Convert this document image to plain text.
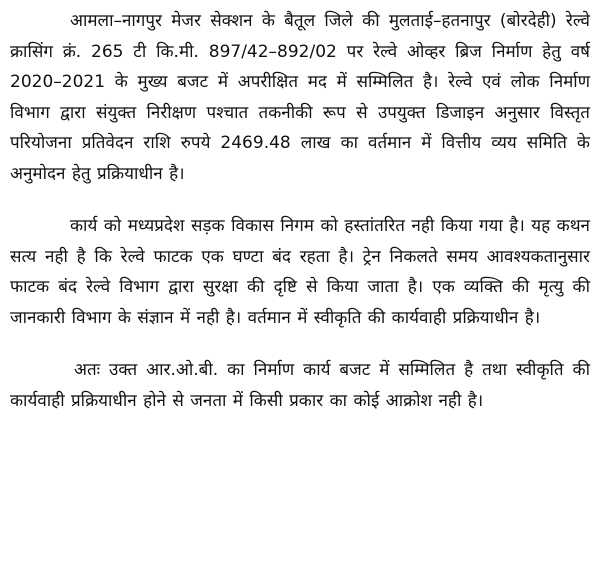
आमला–नागपुर मेजर सेक्शन के बैतूल जिले की मुलताई–हतनापुर (बोरदेही) रेल्वे क्रासिंग क्रं. 265 टी कि.मी. 897/42–892/02 पर रेल्वे ओव्हर ब्रिज निर्माण हेतु वर्ष 2020–2021 के मुख्य बजट में अपरीक्षित मद में सम्मिलित है। रेल्वे एवं लोक निर्माण विभाग द्वारा संयुक्त निरीक्षण पश्चात तकनीकी रूप से उपयुक्त डिजाइन अनुसार विस्तृत परियोजना प्रतिवेदन राशि रुपये 2469.48 लाख का वर्तमान में वित्तीय व्यय समिति के अनुमोदन हेतु प्रक्रियाधीन है।

कार्य को मध्यप्रदेश सड़क विकास निगम को हस्तांतरित नही किया गया है। यह कथन सत्य नही है कि रेल्वे फाटक एक घण्टा बंद रहता है। ट्रेन निकलते समय आवश्यकतानुसार फाटक बंद रेल्वे विभाग द्वारा सुरक्षा की दृष्टि से किया जाता है। एक व्यक्ति की मृत्यु की जानकारी विभाग के संज्ञान में नही है। वर्तमान में स्वीकृति की कार्यवाही प्रक्रियाधीन है।

अतः उक्त आर.ओ.बी. का निर्माण कार्य बजट में सम्मिलित है तथा स्वीकृति की कार्यवाही प्रक्रियाधीन होने से जनता में किसी प्रकार का कोई आक्रोश नही है।
